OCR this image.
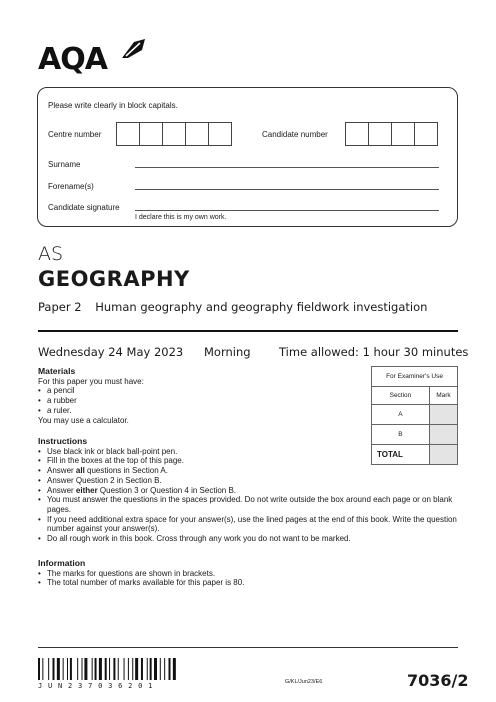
AQA
Please write clearly in block capitals.
Centre number	Candidate number
Surname
Forename(s)
Candidate signature
I declare this is my own work.
AS
GEOGRAPHY
Paper 2 Human geography and geography fieldwork investigation
Wednesday 24 May 2023 Morning Time allowed: 1 hour 30 minutes
Materials
For this paper you must have:
• a pencil
• a rubber
• a ruler.
You may use a calculator.
For Examiner's Use	
Section	Mark
A	
B	
TOTAL	
Instructions
• Use black ink or black ball-point pen.
• Fill in the boxes at the top of this page.
• Answer all questions in Section A.
• Answer Question 2 in Section B.
• Answer either Question 3 or Question 4 in Section B.
• You must answer the questions in the spaces provided. Do not write outside the box around each page or on blank pages.
• If you need additional extra space for your answer(s), use the lined pages at the end of this book. Write the question number against your answer(s).
• Do all rough work in this book. Cross through any work you do not want to be marked.
Information
• The marks for questions are shown in brackets.
• The total number of marks available for this paper is 80.
JUN237036201	G/KL/Jun23/E6	7036/2
